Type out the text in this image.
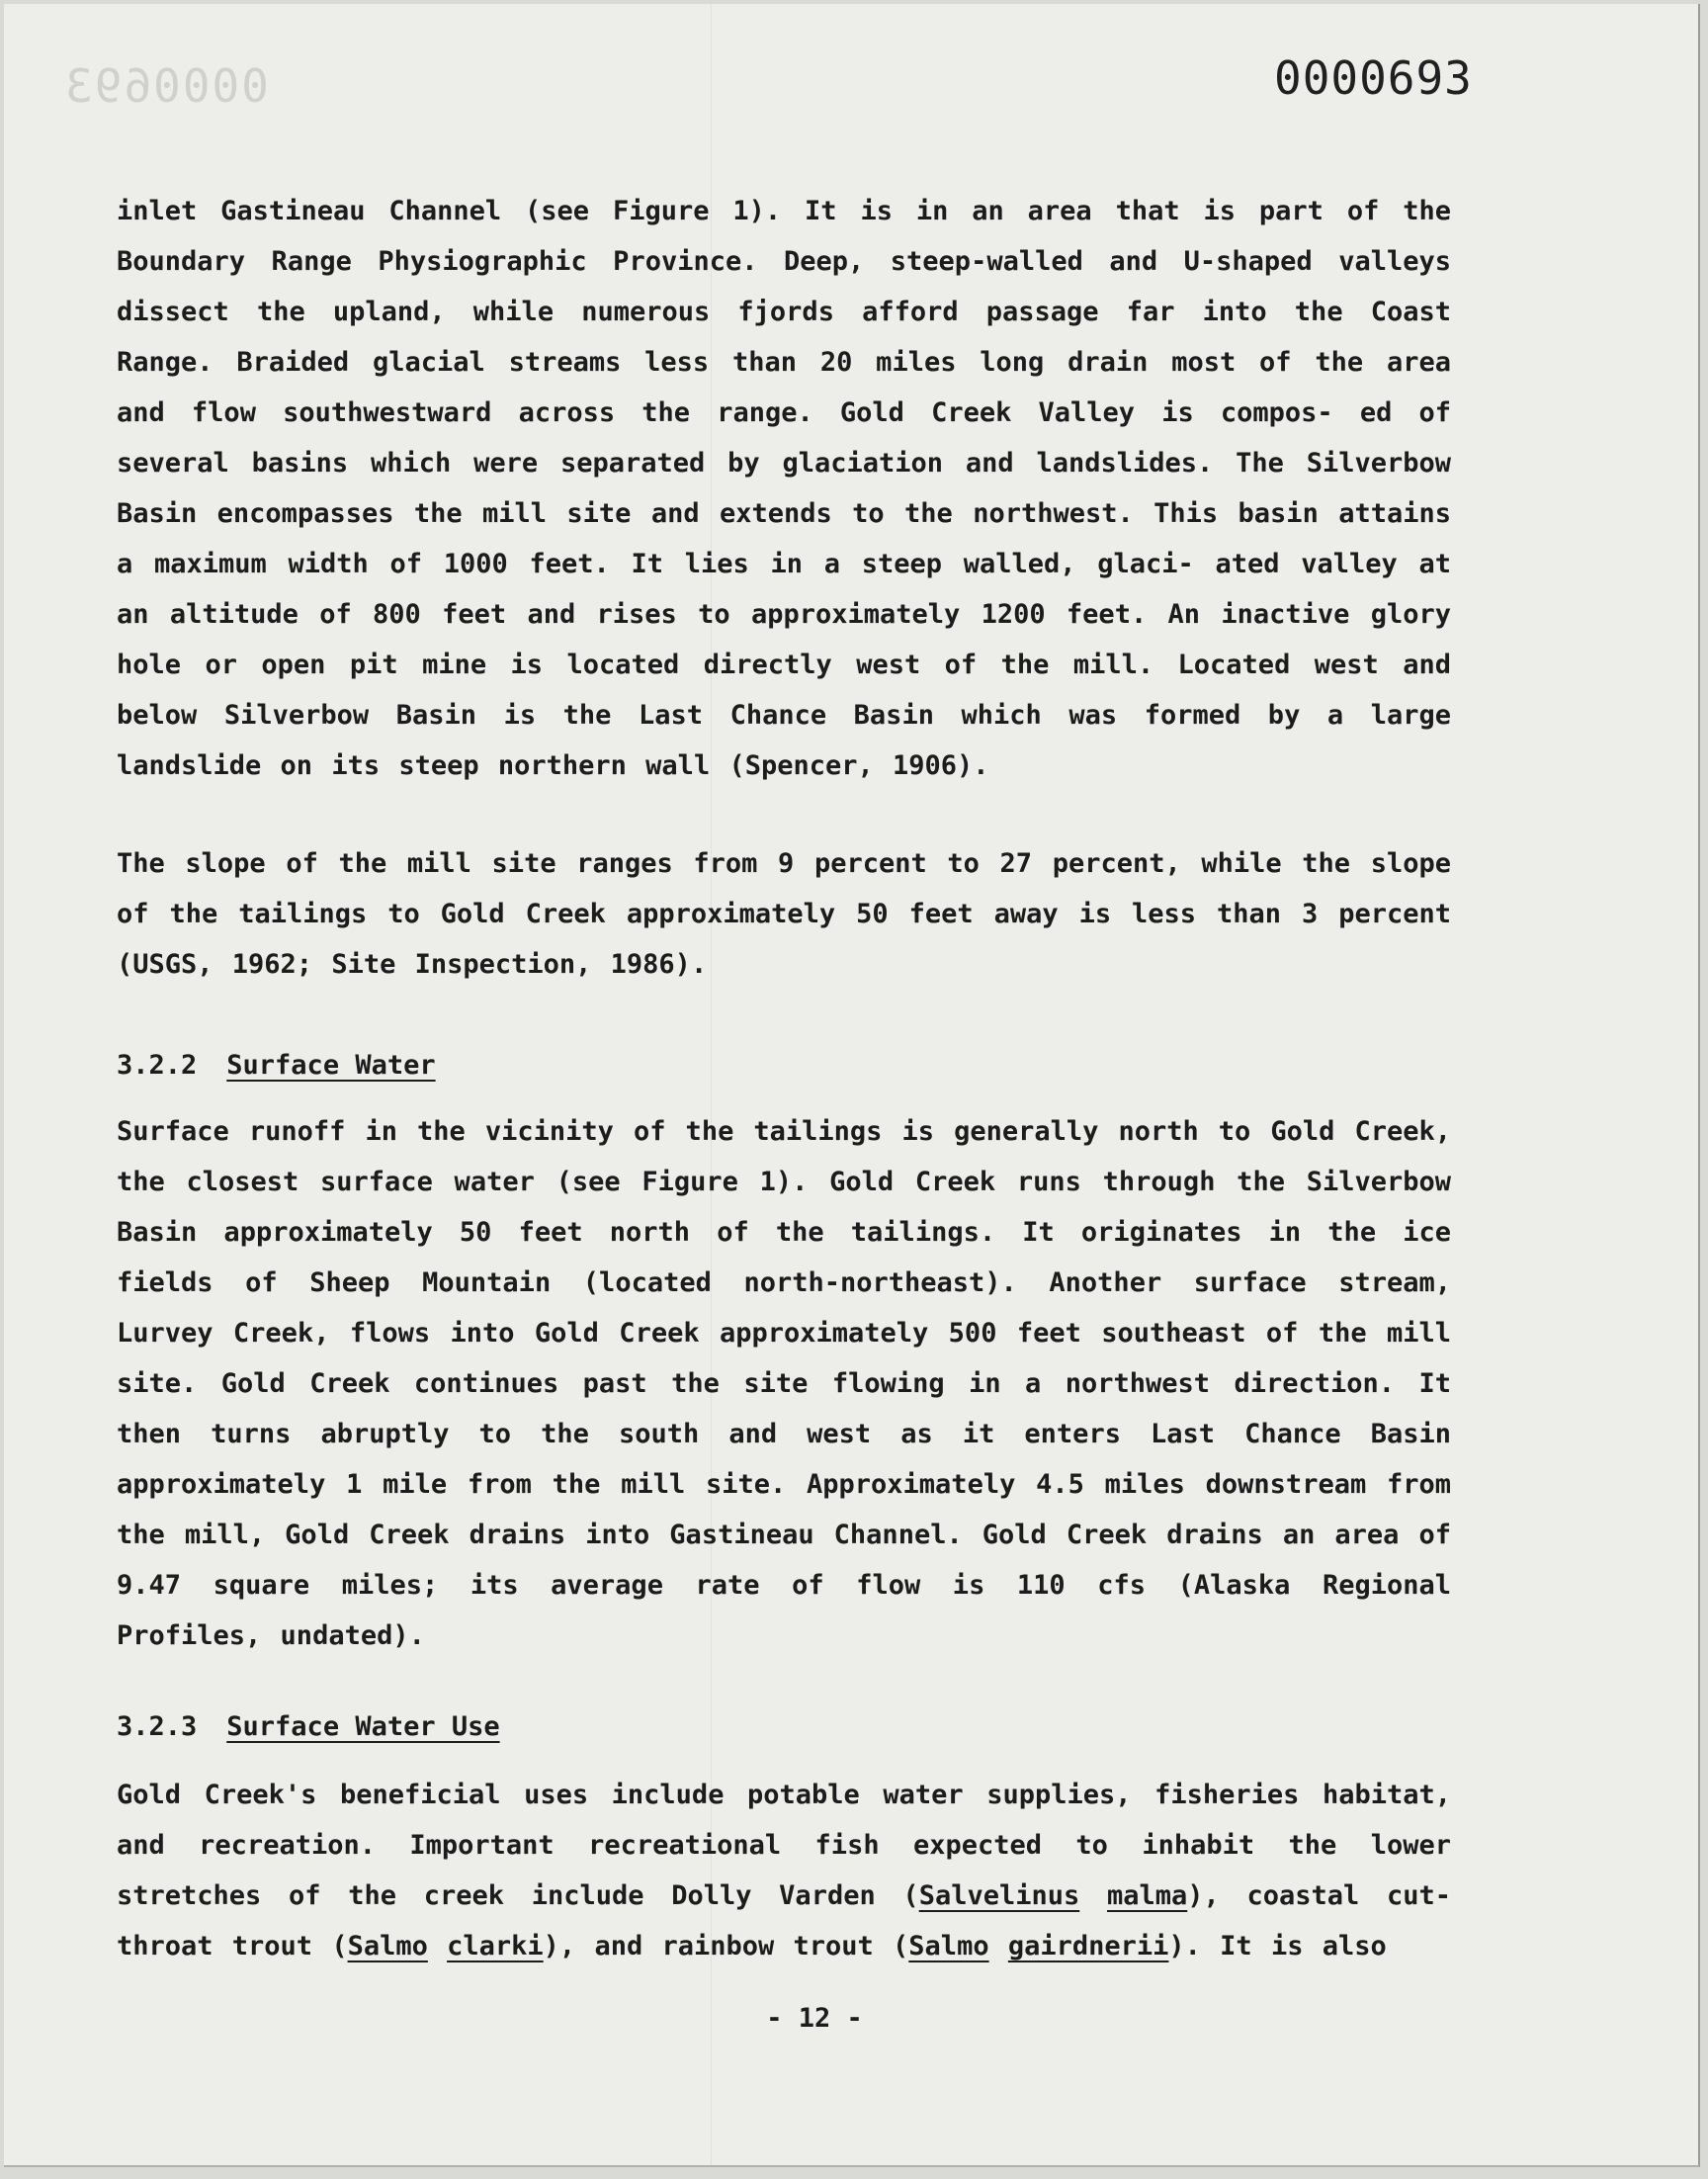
0000693	0000693

inlet Gastineau Channel (see Figure 1). It is in an area that is part of the Boundary Range Physiographic Province. Deep, steep-walled and U-shaped valleys dissect the upland, while numerous fjords afford passage far into the Coast Range. Braided glacial streams less than 20 miles long drain most of the area and flow southwestward across the range. Gold Creek Valley is compos- ed of several basins which were separated by glaciation and landslides. The Silverbow Basin encompasses the mill site and extends to the northwest. This basin attains a maximum width of 1000 feet. It lies in a steep walled, glaci- ated valley at an altitude of 800 feet and rises to approximately 1200 feet. An inactive glory hole or open pit mine is located directly west of the mill. Located west and below Silverbow Basin is the Last Chance Basin which was formed by a large landslide on its steep northern wall (Spencer, 1906).

The slope of the mill site ranges from 9 percent to 27 percent, while the slope of the tailings to Gold Creek approximately 50 feet away is less than 3 percent (USGS, 1962; Site Inspection, 1986).

3.2.2 Surface Water

Surface runoff in the vicinity of the tailings is generally north to Gold Creek, the closest surface water (see Figure 1). Gold Creek runs through the Silverbow Basin approximately 50 feet north of the tailings. It originates in the ice fields of Sheep Mountain (located north-northeast). Another surface stream, Lurvey Creek, flows into Gold Creek approximately 500 feet southeast of the mill site. Gold Creek continues past the site flowing in a northwest direction. It then turns abruptly to the south and west as it enters Last Chance Basin approximately 1 mile from the mill site. Approximately 4.5 miles downstream from the mill, Gold Creek drains into Gastineau Channel. Gold Creek drains an area of 9.47 square miles; its average rate of flow is 110 cfs (Alaska Regional Profiles, undated).

3.2.3 Surface Water Use

Gold Creek's beneficial uses include potable water supplies, fisheries habitat, and recreation. Important recreational fish expected to inhabit the lower stretches of the creek include Dolly Varden (Salvelinus malma), coastal cut- throat trout (Salmo clarki), and rainbow trout (Salmo gairdnerii). It is also

- 12 -
